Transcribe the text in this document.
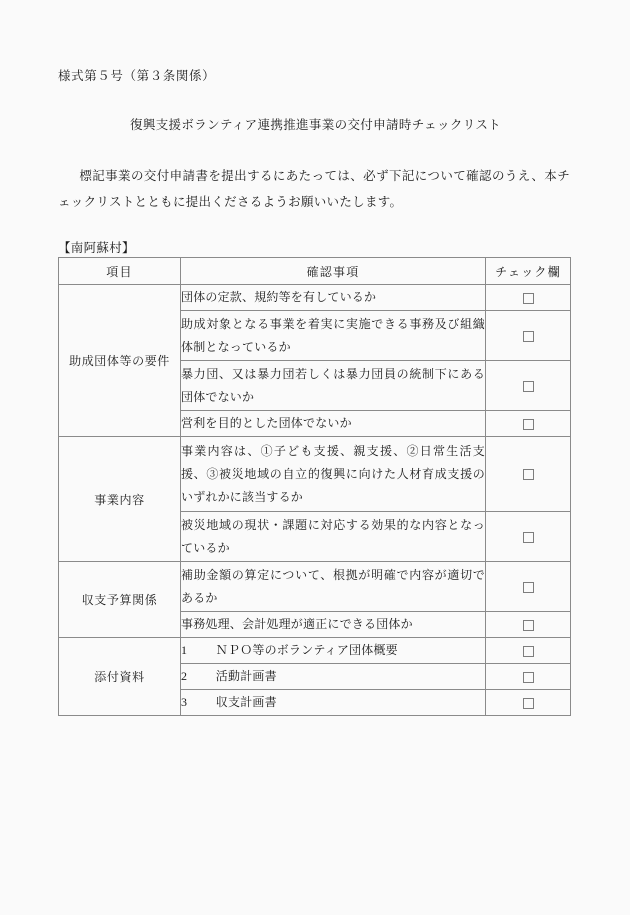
様式第５号（第３条関係）
復興支援ボランティア連携推進事業の交付申請時チェックリスト
標記事業の交付申請書を提出するにあたっては、必ず下記について確認のうえ、本チェックリストとともに提出くださるようお願いいたします。
【南阿蘇村】
項目	確認事項	チェック欄
助成団体等の要件	団体の定款、規約等を有しているか	
	助成対象となる事業を着実に実施できる事務及び組織体制となっているか	
	暴力団、又は暴力団若しくは暴力団員の統制下にある団体でないか	
	営利を目的とした団体でないか	
事業内容	事業内容は、①子ども支援、親支援、②日常生活支援、③被災地域の自立的復興に向けた人材育成支援のいずれかに該当するか	
	被災地域の現状・課題に対応する効果的な内容となっているか	
収支予算関係	補助金額の算定について、根拠が明確で内容が適切であるか	
	事務処理、会計処理が適正にできる団体か	
添付資料	1 ＮＰＯ等のボランティア団体概要	
	2 活動計画書	
	3 収支計画書	
